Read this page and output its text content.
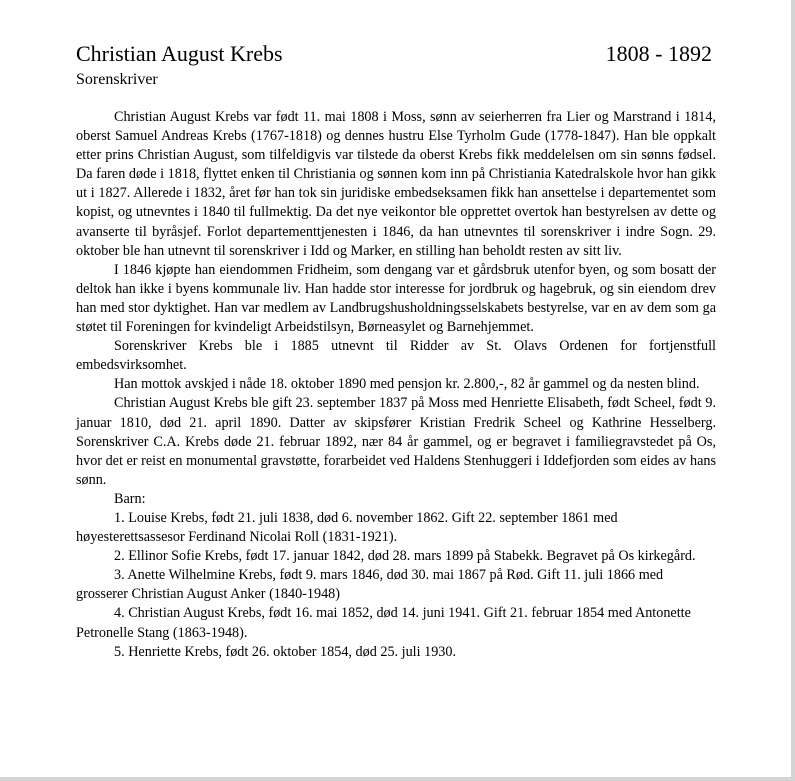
Christian August Krebs	1808 - 1892
Sorenskriver

Christian August Krebs var født 11. mai 1808 i Moss, sønn av seierherren fra Lier og Marstrand i 1814, oberst Samuel Andreas Krebs (1767-1818) og dennes hustru Else Tyrholm Gude (1778-1847). Han ble oppkalt etter prins Christian August, som tilfeldigvis var tilstede da oberst Krebs fikk meddelelsen om sin sønns fødsel. Da faren døde i 1818, flyttet enken til Christiania og sønnen kom inn på Christiania Katedralskole hvor han gikk ut i 1827. Allerede i 1832, året før han tok sin juridiske embedseksamen fikk han ansettelse i departementet som kopist, og utnevntes i 1840 til fullmektig. Da det nye veikontor ble opprettet overtok han bestyrelsen av dette og avanserte til byråsjef. Forlot departementtjenesten i 1846, da han utnevntes til sorenskriver i indre Sogn. 29. oktober ble han utnevnt til sorenskriver i Idd og Marker, en stilling han beholdt resten av sitt liv.

I 1846 kjøpte han eiendommen Fridheim, som dengang var et gårdsbruk utenfor byen, og som bosatt der deltok han ikke i byens kommunale liv. Han hadde stor interesse for jordbruk og hagebruk, og sin eiendom drev han med stor dyktighet. Han var medlem av Landbrugshusholdningsselskabets bestyrelse, var en av dem som ga støtet til Foreningen for kvindeligt Arbeidstilsyn, Børneasylet og Barnehjemmet.

Sorenskriver Krebs ble i 1885 utnevnt til Ridder av St. Olavs Ordenen for fortjenstfull embedsvirksomhet.

Han mottok avskjed i nåde 18. oktober 1890 med pensjon kr. 2.800,-, 82 år gammel og da nesten blind.

Christian August Krebs ble gift 23. september 1837 på Moss med Henriette Elisabeth, født Scheel, født 9. januar 1810, død 21. april 1890. Datter av skipsfører Kristian Fredrik Scheel og Kathrine Hesselberg. Sorenskriver C.A. Krebs døde 21. februar 1892, nær 84 år gammel, og er begravet i familiegravstedet på Os, hvor det er reist en monumental gravstøtte, forarbeidet ved Haldens Stenhuggeri i Iddefjorden som eides av hans sønn.

Barn:
1. Louise Krebs, født 21. juli 1838, død 6. november 1862. Gift 22. september 1861 med høyesterettsassesor Ferdinand Nicolai Roll (1831-1921).
2. Ellinor Sofie Krebs, født 17. januar 1842, død 28. mars 1899 på Stabekk. Begravet på Os kirkegård.
3. Anette Wilhelmine Krebs, født 9. mars 1846, død 30. mai 1867 på Rød. Gift 11. juli 1866 med grosserer Christian August Anker (1840-1948)
4. Christian August Krebs, født 16. mai 1852, død 14. juni 1941. Gift 21. februar 1854 med Antonette Petronelle Stang (1863-1948).
5. Henriette Krebs, født 26. oktober 1854, død 25. juli 1930.
